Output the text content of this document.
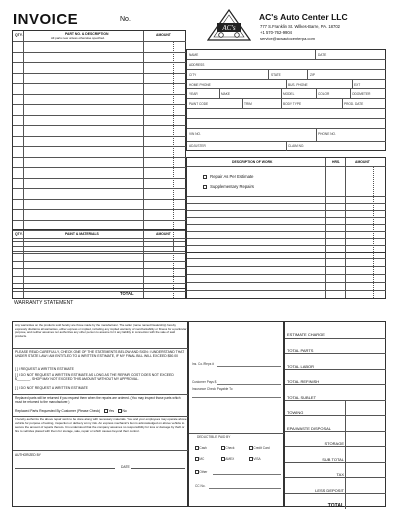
INVOICE	No.
AC's
AC's Auto Center LLC
777 S.Franklin St. Wilkes-Barre, PA. 18702
+1 570-762-9904
service@acsautocenterpa.com
QTY.	PART NO. & DESCRIPTION
All parts new unless otherwise specified.
AMOUNT
NAME	DATE
ADDRESS
CITY	STATE	ZIP
HOME PHONE	BUS. PHONE	EXT
YEAR	MAKE	MODEL	COLOR	ODOMETER
PAINT CODE	TRIM	BODY TYPE	PROD. DATE
VIN NO.	PHONE NO.
ADJUSTER	CLAIM NO.
DESCRIPTION OF WORK	HRS.	AMOUNT
Repair As Per Estimate
Supplementary Repairs
QTY.	PAINT & MATERIALS	AMOUNT
TOTAL
WARRANTY STATEMENT
Any warranties on the products sold hereby are those made by the manufacturer. The seller (name named Dealership) hereby expressly disclaims all warranties, either express or implied, including any implied warranty of merchantability or fitness for a particular purpose, and neither assumes nor authorizes any other person to assume for it any liability in connection with the sale of said products.
PLEASE READ CAREFULLY, CHECK ONE OF THE STATEMENTS BELOW AND SIGN: I UNDERSTAND THAT UNDER STATE LAW I AM ENTITLED TO A WRITTEN ESTIMATE, IF MY FINAL BILL WILL EXCEED $50.00
[ ] I REQUEST A WRITTEN ESTIMATE
[ ] I DO NOT REQUEST A WRITTEN ESTIMATE AS LONG AS THE REPAIR COST DOES NOT EXCEED $_______. SHOP MAY NOT EXCEED THIS AMOUNT WITHOUT MY APPROVAL.
[ ] I DO NOT REQUEST A WRITTEN ESTIMATE
Replaced parts will be returned if you request them when the repairs are ordered. (You may inspect those parts which must be returned to the manufacturer.)
Replaced Parts Requested By Customer (Please Check) Yes No
I hereby authorize the above repair work to be done along with necessary materials. You and your employees may operate above vehicle for purpose of testing, inspection or delivery at my risk. An express mechanic's lien is acknowledged on above vehicle to secure the amount of repairs thereto. It is understood that the company assumes no responsibility for loss or damage by theft or fire to vehicles placed with them for storage, sale, repair or which causes beyond their control.
AUTHORIZED BY
DATE
Ins. Co./Reps #
Customer Pays $
Insurance Check Payable To
DEDUCTIBLE PAID BY
Cash	Check	Credit Card
MC	AMEX	VISA
Other
CC No.
ESTIMATE CHARGE
TOTAL PARTS
TOTAL LABOR
TOTAL REFINISH
TOTAL SUBLET
TOWING
EPA/WASTE DISPOSAL
STORAGE
SUB TOTAL
TAX
LESS DEPOSIT
TOTAL
